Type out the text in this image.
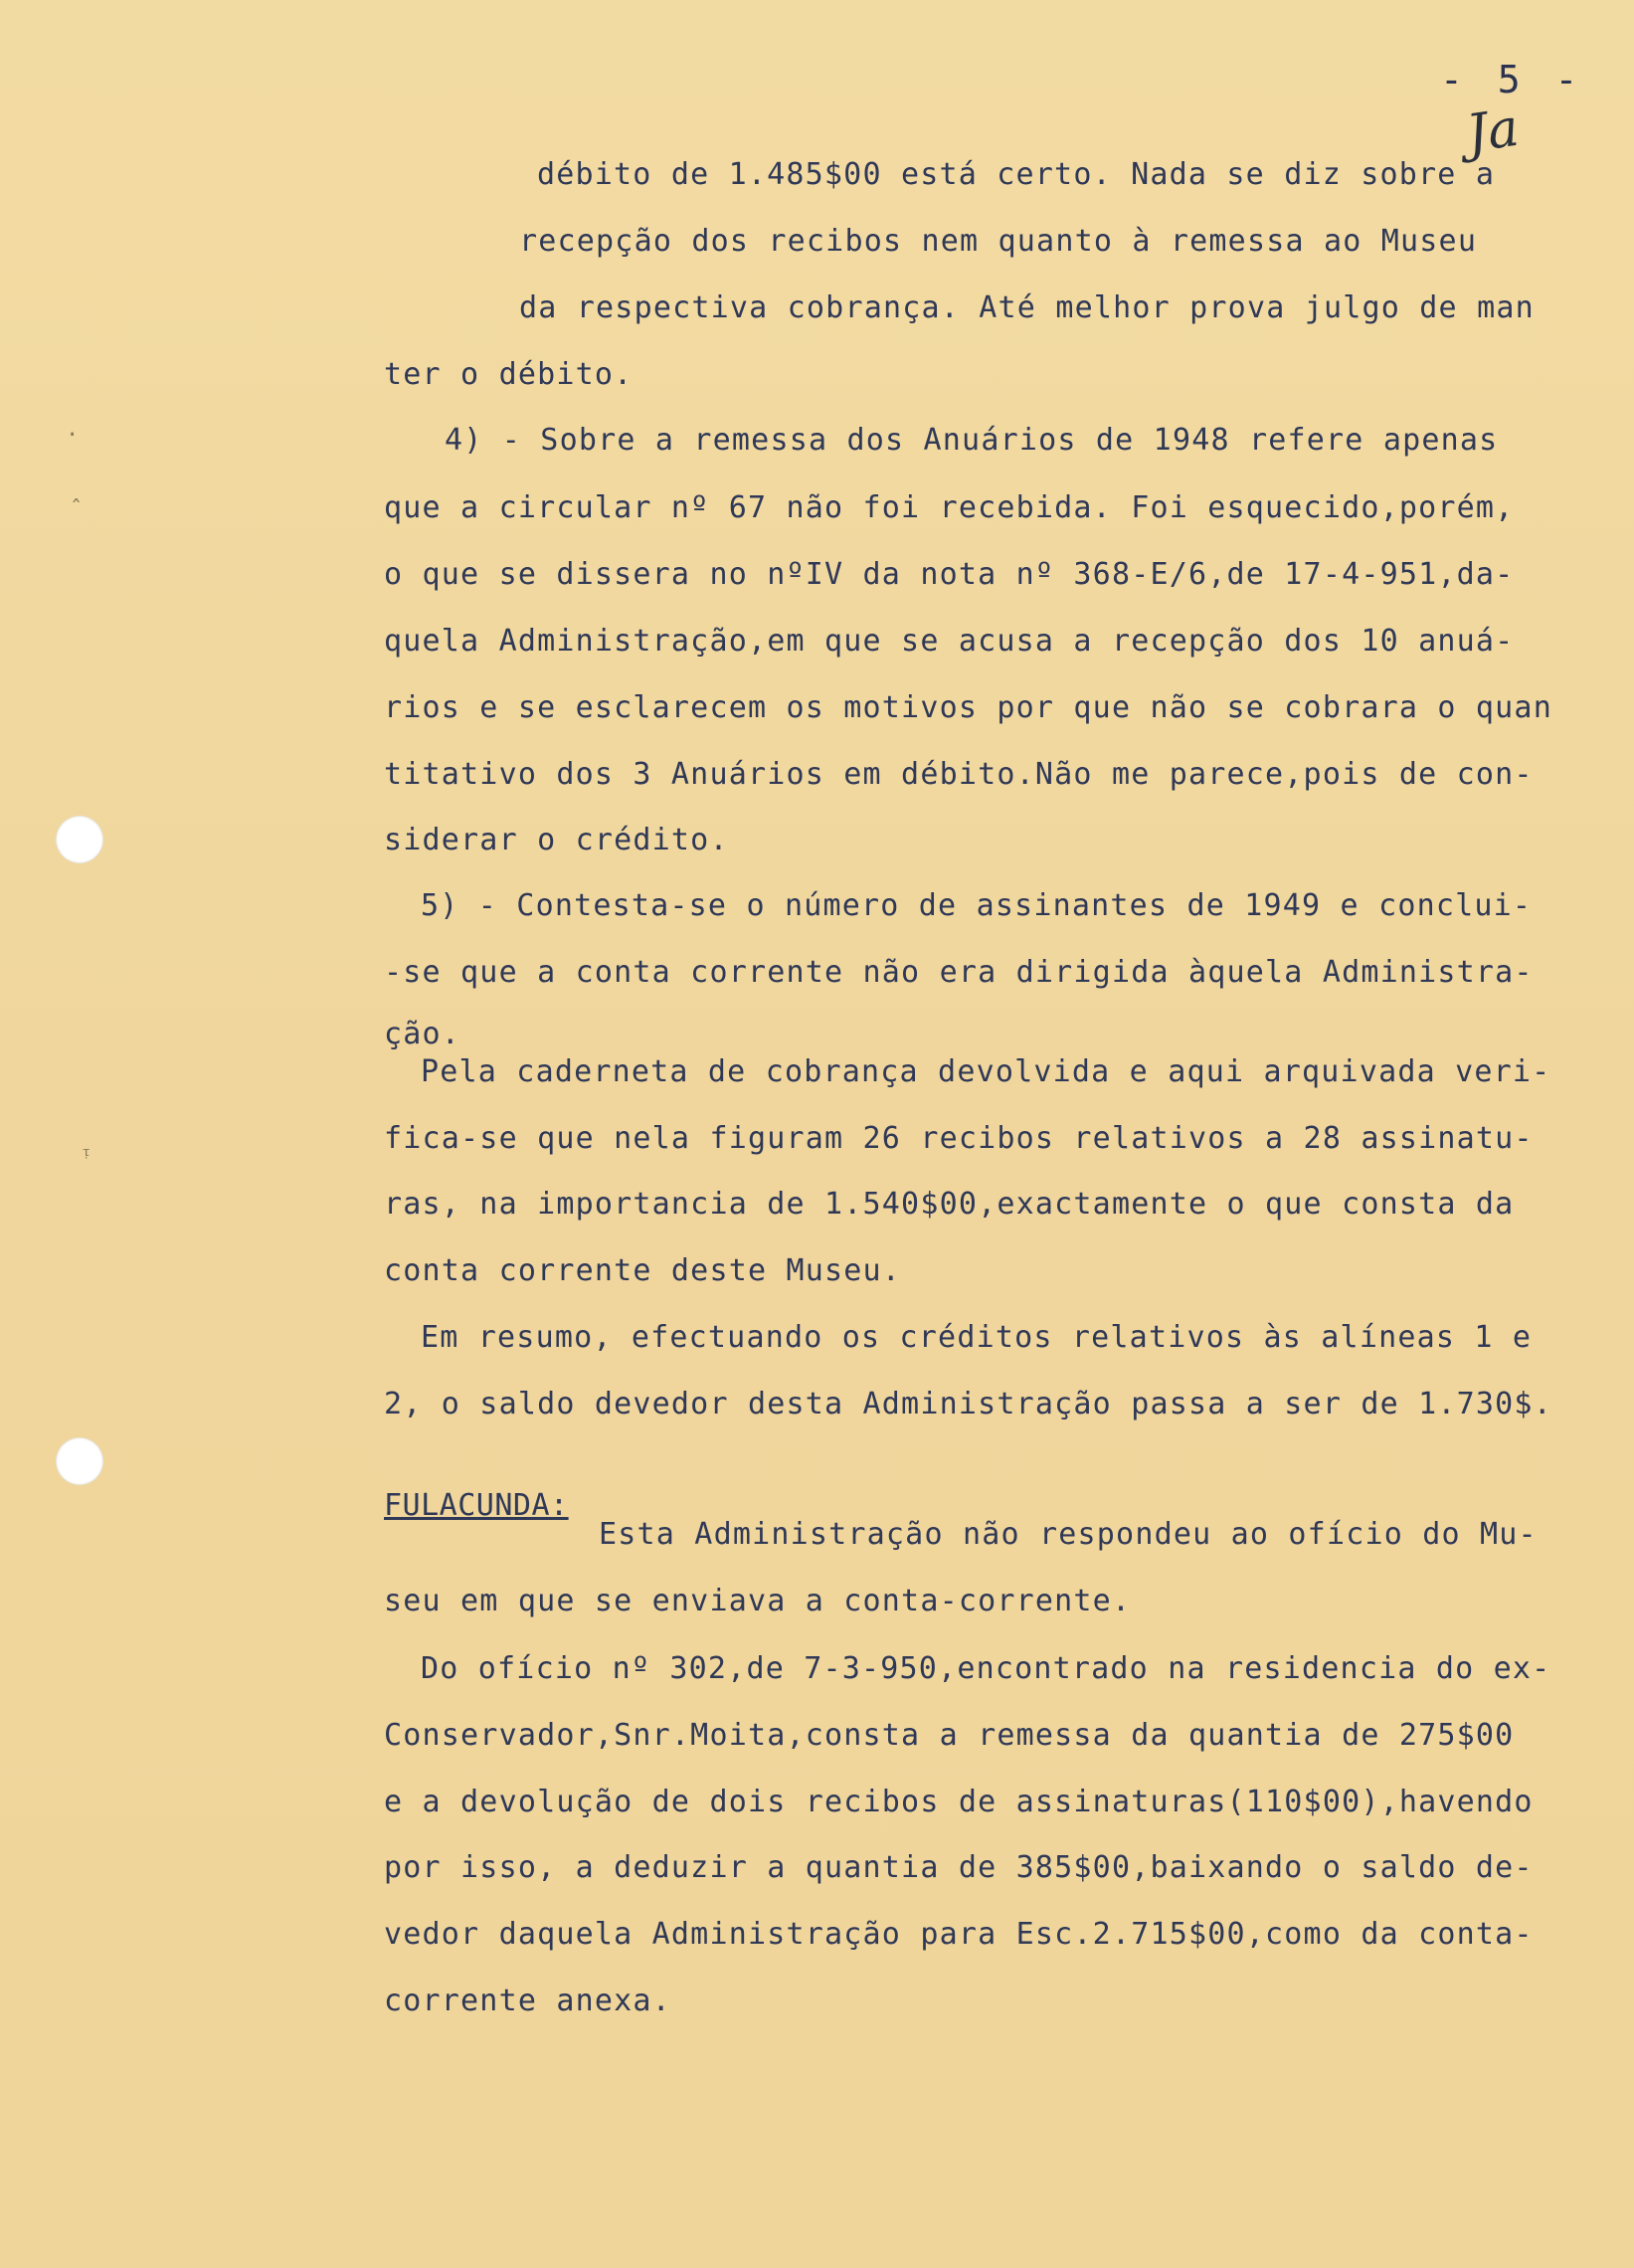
·
ˆ
ᵎ
- 5 -
Ja
débito de 1.485$00 está certo. Nada se diz sobre a
recepção dos recibos nem quanto à remessa ao Museu
da respectiva cobrança. Até melhor prova julgo de man
ter o débito.
4) - Sobre a remessa dos Anuários de 1948 refere apenas
que a circular nº 67 não foi recebida. Foi esquecido,porém,
o que se dissera no nºIV da nota nº 368-E/6,de 17-4-951,da-
quela Administração,em que se acusa a recepção dos 10 anuá-
rios e se esclarecem os motivos por que não se cobrara o quan
titativo dos 3 Anuários em débito.Não me parece,pois de con-
siderar o crédito.
5) - Contesta-se o número de assinantes de 1949 e conclui-
-se que a conta corrente não era dirigida àquela Administra-
ção.
Pela caderneta de cobrança devolvida e aqui arquivada veri-
fica-se que nela figuram 26 recibos relativos a 28 assinatu-
ras, na importancia de 1.540$00,exactamente o que consta da
conta corrente deste Museu.
Em resumo, efectuando os créditos relativos às alíneas 1 e
2, o saldo devedor desta Administração passa a ser de 1.730$.
FULACUNDA:
Esta Administração não respondeu ao ofício do Mu-
seu em que se enviava a conta-corrente.
Do ofício nº 302,de 7-3-950,encontrado na residencia do ex-
Conservador,Snr.Moita,consta a remessa da quantia de 275$00
e a devolução de dois recibos de assinaturas(110$00),havendo
por isso, a deduzir a quantia de 385$00,baixando o saldo de-
vedor daquela Administração para Esc.2.715$00,como da conta-
corrente anexa.
